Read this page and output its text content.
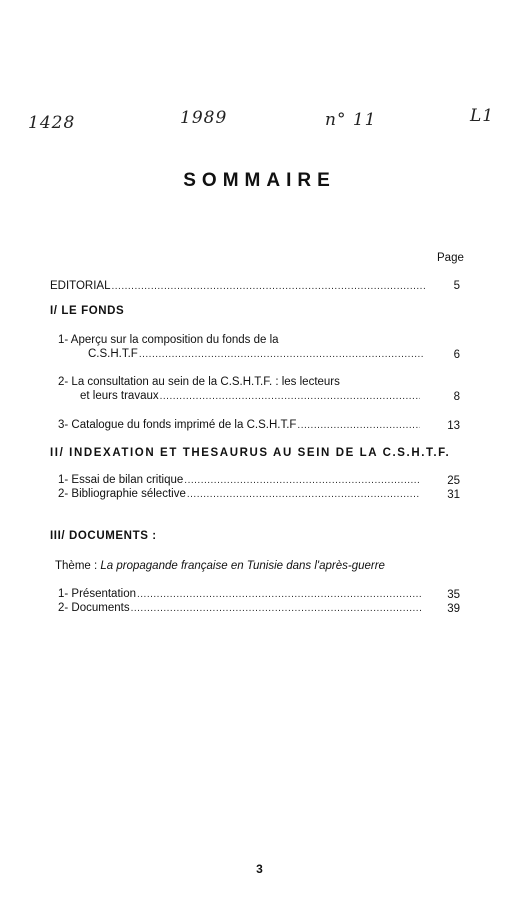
1428	1989	n° 11	L1
SOMMAIRE
Page
EDITORIAL .....	5
I/ LE FONDS
1- Aperçu sur la composition du fonds de la
C.S.H.T.F .....	6
2- La consultation au sein de la C.S.H.T.F. : les lecteurs
et leurs travaux .....	8
3- Catalogue du fonds imprimé de la C.S.H.T.F .....	13
II/ INDEXATION ET THESAURUS AU SEIN DE LA C.S.H.T.F.
1- Essai de bilan critique .....	25
2- Bibliographie sélective .....	31
III/ DOCUMENTS :
Thème : La propagande française en Tunisie dans l'après-guerre
1- Présentation .....	35
2- Documents .....	39
3
